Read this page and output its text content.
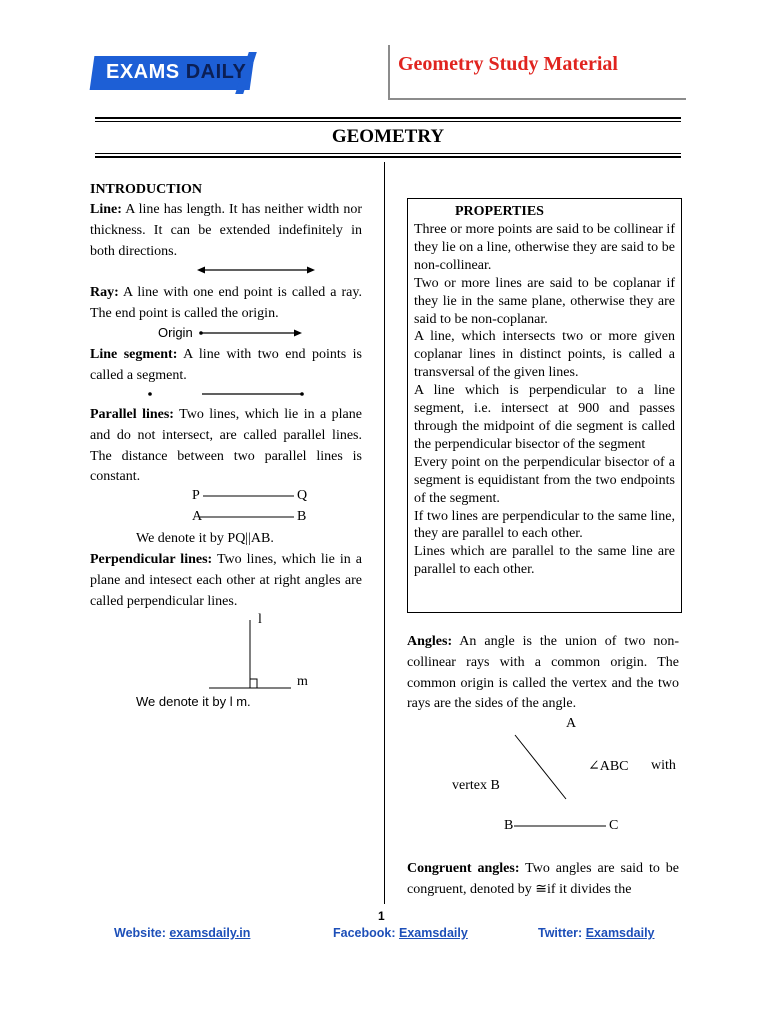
EXAMS DAILY	Geometry Study Material
GEOMETRY
INTRODUCTION
Line: A line has length. It has neither width nor thickness. It can be extended indefinitely in both directions.
Ray: A line with one end point is called a ray. The end point is called the origin.
Origin
Line segment: A line with two end points is called a segment.
Parallel lines: Two lines, which lie in a plane and do not intersect, are called parallel lines. The distance between two parallel lines is constant.
P	Q
A	B
We denote it by PQ||AB.
Perpendicular lines: Two lines, which lie in a plane and intesect each other at right angles are called perpendicular lines.
l
m
We denote it by l m.
PROPERTIES
Three or more points are said to be collinear if they lie on a line, otherwise they are said to be non-collinear.
Two or more lines are said to be coplanar if they lie in the same plane, otherwise they are said to be non-coplanar.
A line, which intersects two or more given coplanar lines in distinct points, is called a transversal of the given lines.
A line which is perpendicular to a line segment, i.e. intersect at 900 and passes through the midpoint of die segment is called the perpendicular bisector of the segment
Every point on the perpendicular bisector of a segment is equidistant from the two endpoints of the segment.
If two lines are perpendicular to the same line, they are parallel to each other.
Lines which are parallel to the same line are parallel to each other.
Angles: An angle is the union of two non-collinear rays with a common origin. The common origin is called the vertex and the two rays are the sides of the angle.
A
∠ABC with
vertex B
B	C
Congruent angles: Two angles are said to be congruent, denoted by ≅if it divides the
1
Website: examsdaily.in	Facebook: Examsdaily	Twitter: Examsdaily
